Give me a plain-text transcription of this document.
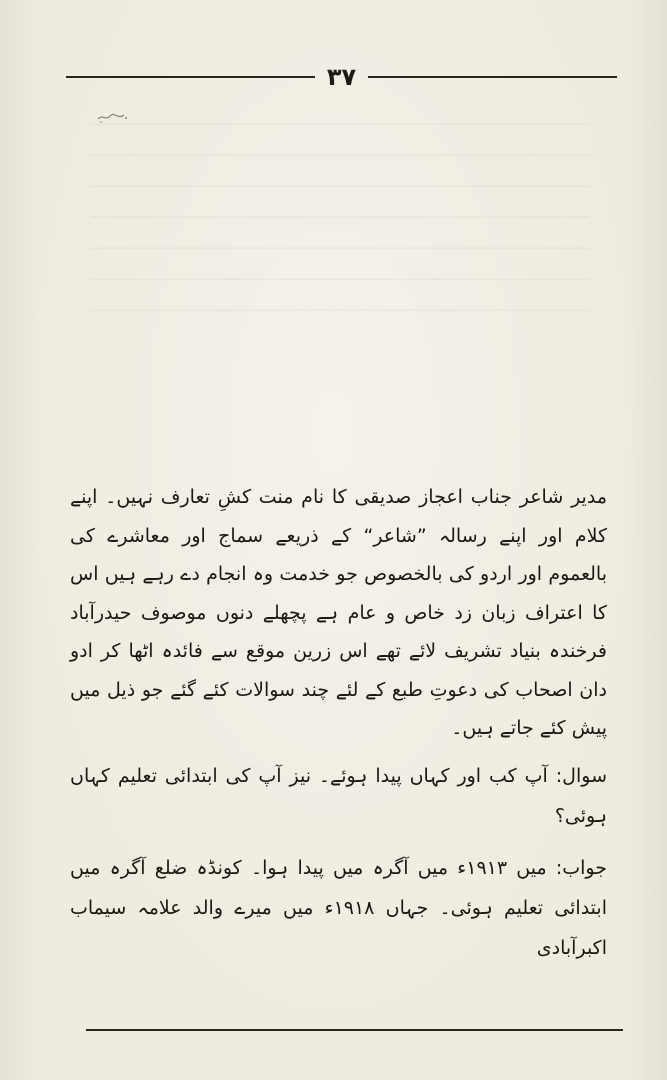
۳۷

مدیر شاعر جناب اعجاز صدیقی کا نام منت کشِ تعارف نہیں۔ اپنے کلام اور اپنے رسالہ ”شاعر“ کے ذریعے سماج اور معاشرے کی بالعموم اور اردو کی بالخصوص جو خدمت وہ انجام دے رہے ہیں اس کا اعتراف زبان زد خاص و عام ہے پچھلے دنوں موصوف حیدرآباد فرخندہ بنیاد تشریف لائے تھے اس زرین موقع سے فائدہ اٹھا کر ادو دان اصحاب کی دعوتِ طبع کے لئے چند سوالات کئے گئے جو ذیل میں پیش کئے جاتے ہیں۔

سوال: آپ کب اور کہاں پیدا ہوئے۔ نیز آپ کی ابتدائی تعلیم کہاں ہوئی؟

جواب: میں ۱۹۱۳ء میں آگرہ میں پیدا ہوا۔ کونڈہ ضلع آگرہ میں ابتدائی تعلیم ہوئی۔ جہاں ۱۹۱۸ء میں میرے والد علامہ سیماب اکبرآبادی
